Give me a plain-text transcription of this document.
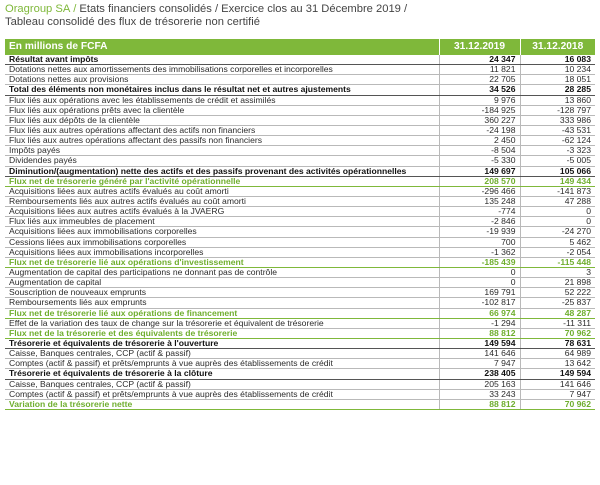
Oragroup SA / Etats financiers consolidés / Exercice clos au 31 Décembre 2019 /
Tableau consolidé des flux de trésorerie non certifié
En millions de FCFA	31.12.2019	31.12.2018
Résultat avant impôts	24 347	16 083
Dotations nettes aux amortissements des immobilisations corporelles et incorporelles	11 821	10 234
Dotations nettes aux provisions	22 705	18 051
Total des éléments non monétaires inclus dans le résultat net et autres ajustements	34 526	28 285
Flux liés aux opérations avec les établissements de crédit et assimilés	9 976	13 860
Flux liés aux opérations prêts avec la clientèle	-184 925	-128 797
Flux liés aux dépôts de la clientèle	360 227	333 986
Flux liés aux autres opérations affectant des actifs non financiers	-24 198	-43 531
Flux liés aux autres opérations affectant des passifs non financiers	2 450	-62 124
Impôts payés	-8 504	-3 323
Dividendes payés	-5 330	-5 005
Diminution/(augmentation) nette des actifs et des passifs provenant des activités opérationnelles	149 697	105 066
Flux net de trésorerie généré par l'activité opérationnelle	208 570	149 434
Acquisitions liées aux autres actifs évalués au coût amorti	-296 466	-141 873
Remboursements liés aux autres actifs évalués au coût amorti	135 248	47 288
Acquisitions liées aux autres actifs évalués à la JVAERG	-774	0
Flux liés aux immeubles de placement	-2 846	0
Acquisitions liées aux immobilisations corporelles	-19 939	-24 270
Cessions liées aux immobilisations corporelles	700	5 462
Acquisitions liées aux immobilisations incorporelles	-1 362	-2 054
Flux net de trésorerie lié aux opérations d'investissement	-185 439	-115 448
Augmentation de capital des participations ne donnant pas de contrôle	0	3
Augmentation de capital	0	21 898
Souscription de nouveaux emprunts	169 791	52 222
Remboursements liés aux emprunts	-102 817	-25 837
Flux net de trésorerie lié aux opérations de financement	66 974	48 287
Effet de la variation des taux de change sur la trésorerie et équivalent de trésorerie	-1 294	-11 311
Flux net de la trésorerie et des équivalents de trésorerie	88 812	70 962
Trésorerie et équivalents de trésorerie à l'ouverture	149 594	78 631
Caisse, Banques centrales, CCP (actif & passif)	141 646	64 989
Comptes (actif & passif) et prêts/emprunts à vue auprès des établissements de crédit	7 947	13 642
Trésorerie et équivalents de trésorerie à la clôture	238 405	149 594
Caisse, Banques centrales, CCP (actif & passif)	205 163	141 646
Comptes (actif & passif) et prêts/emprunts à vue auprès des établissements de crédit	33 243	7 947
Variation de la trésorerie nette	88 812	70 962
